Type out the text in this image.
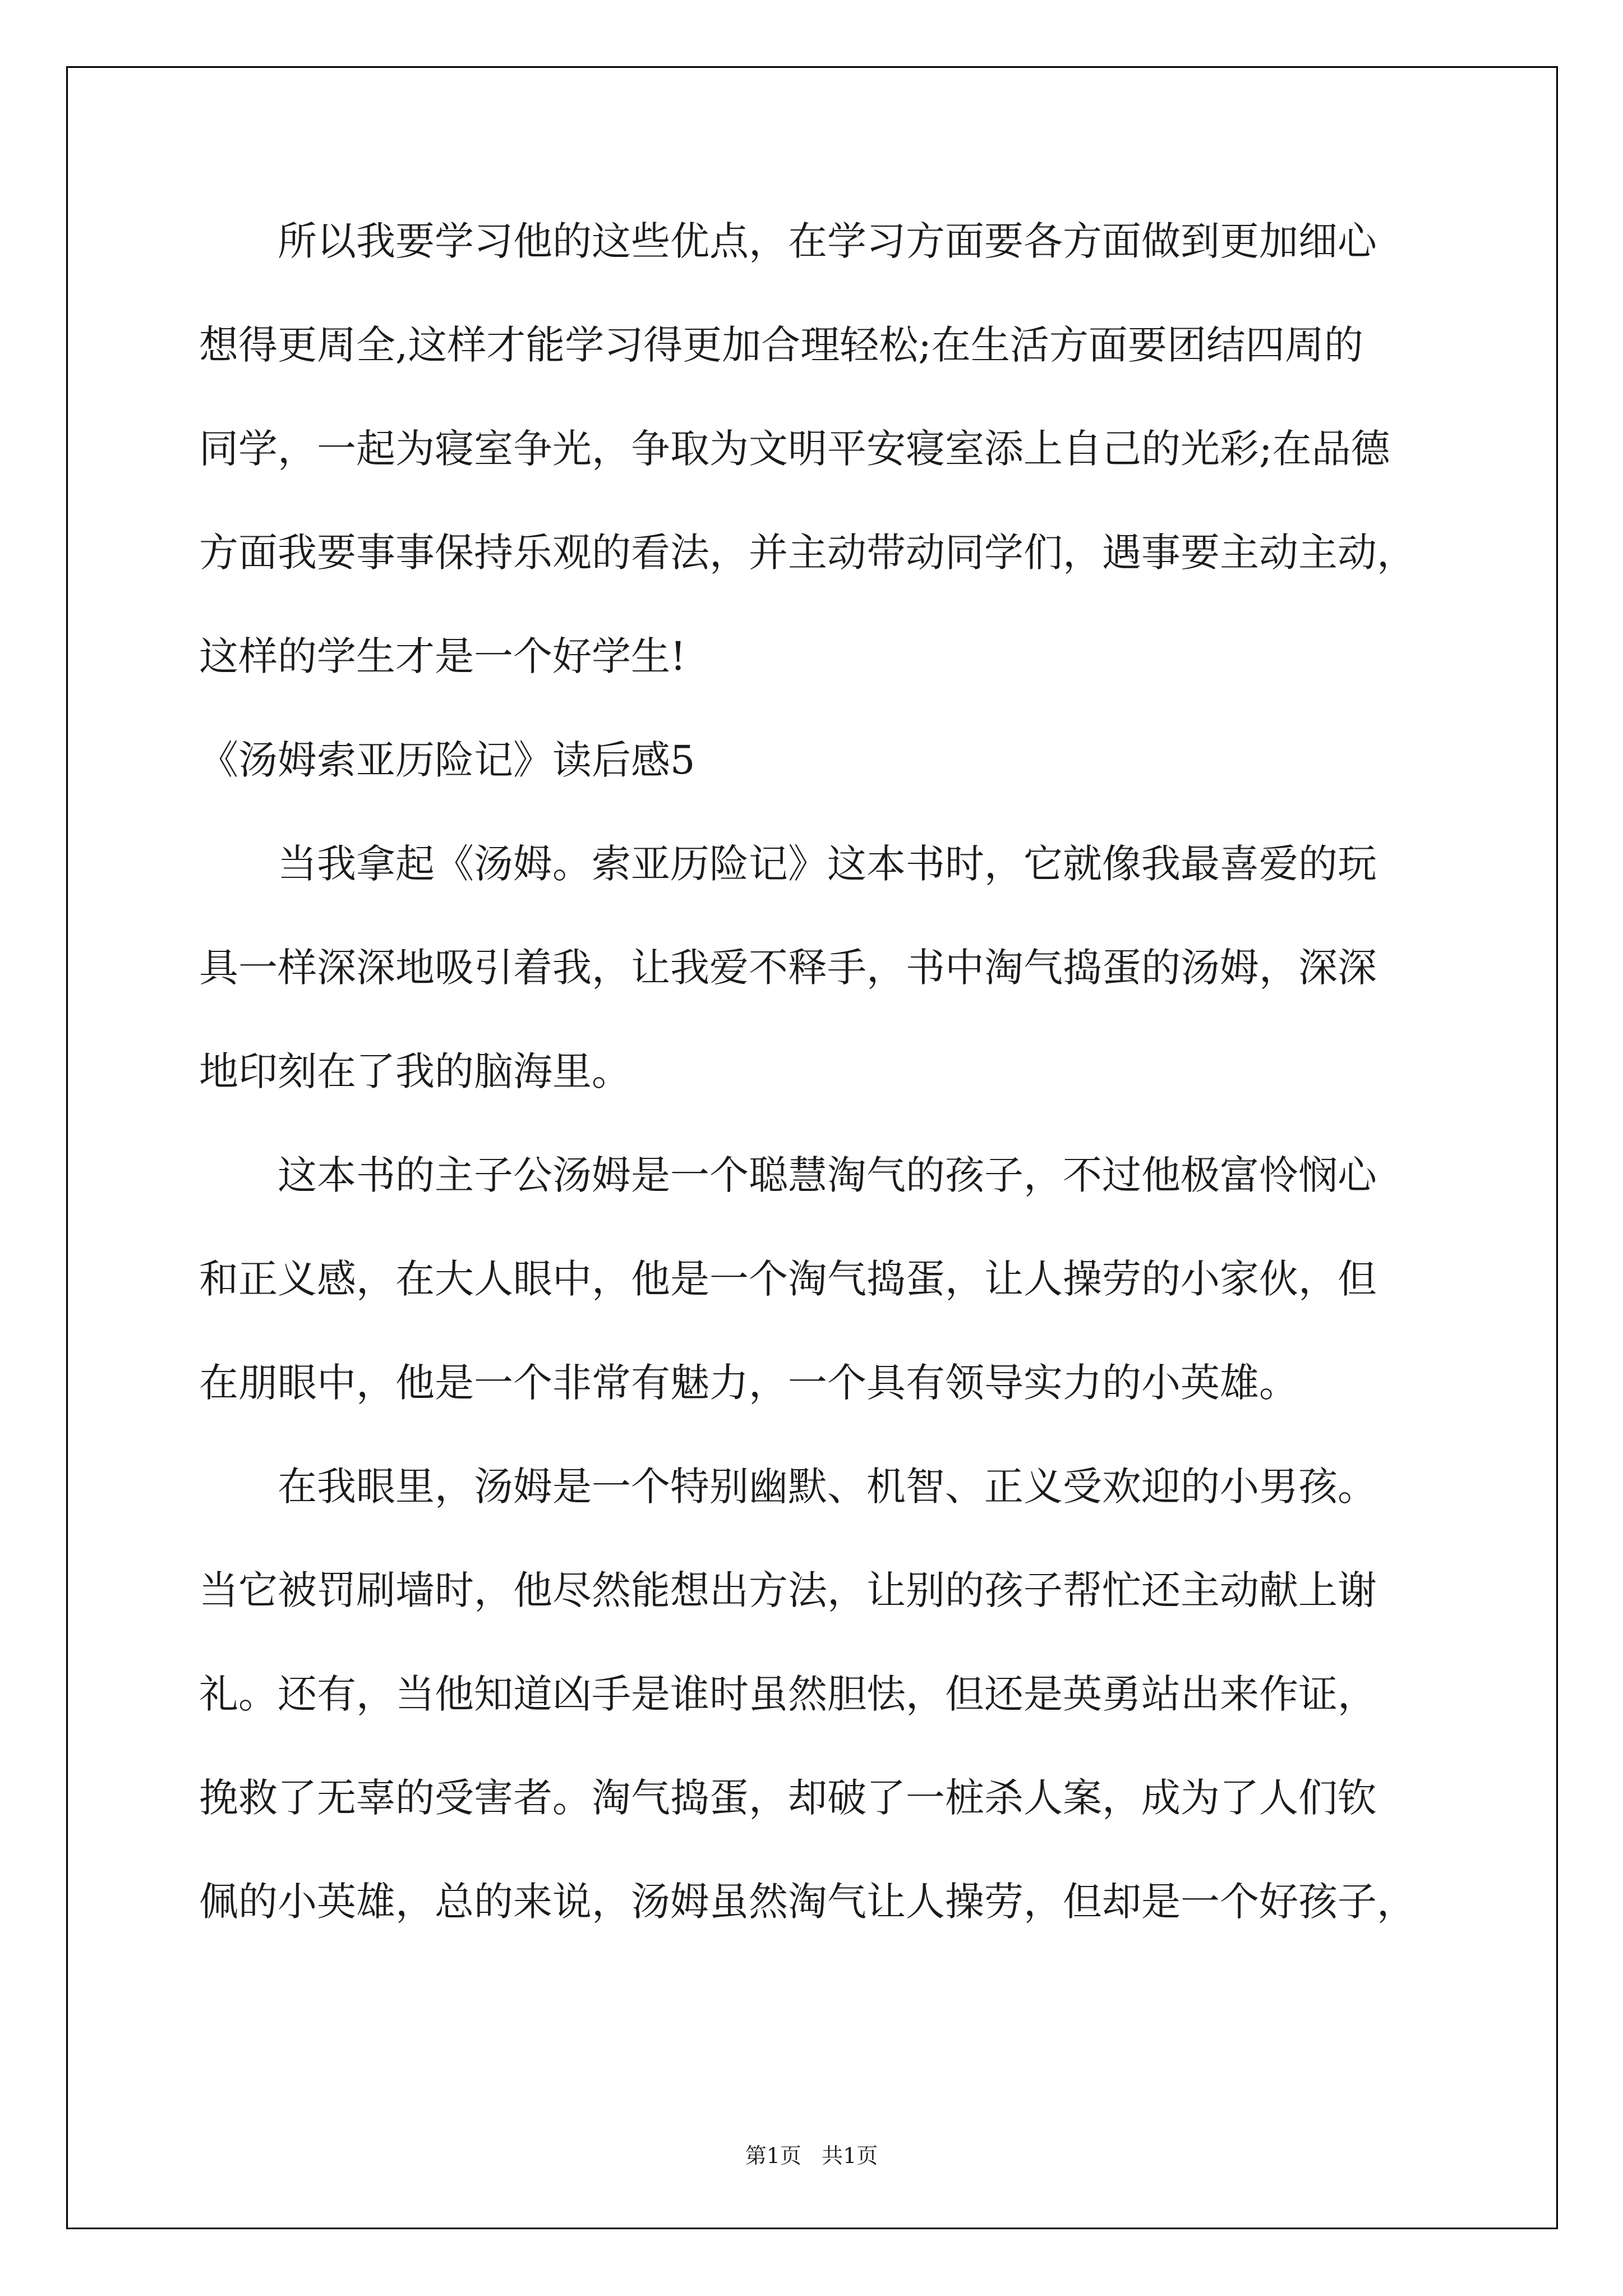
所以我要学习他的这些优点，在学习方面要各方面做到更加细心
想得更周全,这样才能学习得更加合理轻松;在生活方面要团结四周的
同学，一起为寝室争光，争取为文明平安寝室添上自己的光彩;在品德
方面我要事事保持乐观的看法，并主动带动同学们，遇事要主动主动，
这样的学生才是一个好学生!
《汤姆索亚历险记》读后感5
当我拿起《汤姆。索亚历险记》这本书时，它就像我最喜爱的玩
具一样深深地吸引着我，让我爱不释手，书中淘气捣蛋的汤姆，深深
地印刻在了我的脑海里。
这本书的主子公汤姆是一个聪慧淘气的孩子，不过他极富怜悯心
和正义感，在大人眼中，他是一个淘气捣蛋，让人操劳的小家伙，但
在朋眼中，他是一个非常有魅力，一个具有领导实力的小英雄。
在我眼里，汤姆是一个特别幽默、机智、正义受欢迎的小男孩。
当它被罚刷墙时，他尽然能想出方法，让别的孩子帮忙还主动献上谢
礼。还有，当他知道凶手是谁时虽然胆怯，但还是英勇站出来作证，
挽救了无辜的受害者。淘气捣蛋，却破了一桩杀人案，成为了人们钦
佩的小英雄，总的来说，汤姆虽然淘气让人操劳，但却是一个好孩子，
第1页   共1页
